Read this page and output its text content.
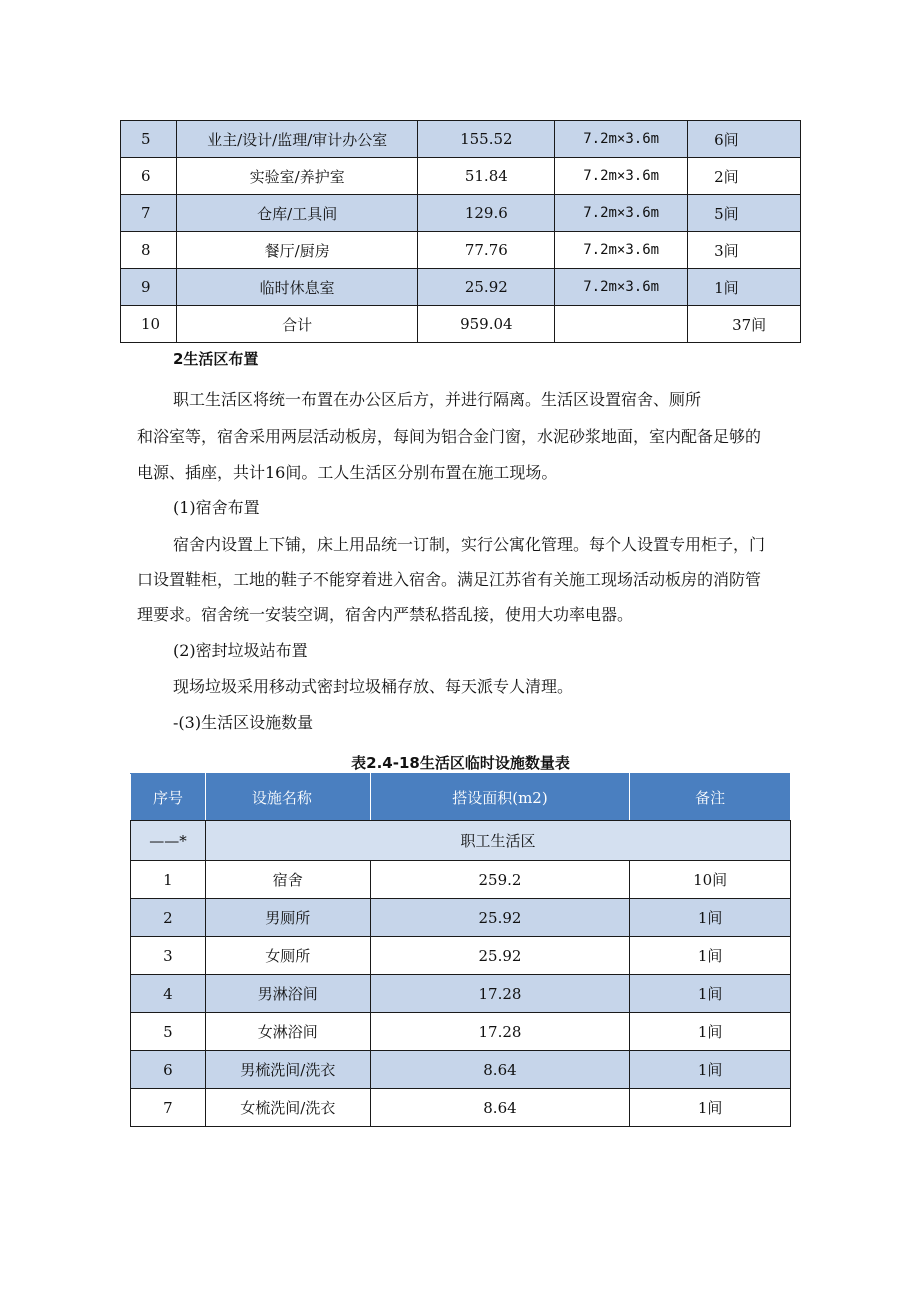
5	业主/设计/监理/审计办公室	155.52	7.2m×3.6m	6间
6	实验室/养护室	51.84	7.2m×3.6m	2间
7	仓库/工具间	129.6	7.2m×3.6m	5间
8	餐厅/厨房	77.76	7.2m×3.6m	3间
9	临时休息室	25.92	7.2m×3.6m	1间
10	合计	959.04		37间
2生活区布置
职工生活区将统一布置在办公区后方，并进行隔离。生活区设置宿舍、厕所
和浴室等，宿舍采用两层活动板房，每间为铝合金门窗，水泥砂浆地面，室内配备足够的
电源、插座，共计16间。工人生活区分别布置在施工现场。
(1)宿舍布置
宿舍内设置上下铺，床上用品统一订制，实行公寓化管理。每个人设置专用柜子，门
口设置鞋柜，工地的鞋子不能穿着进入宿舍。满足江苏省有关施工现场活动板房的消防管
理要求。宿舍统一安装空调，宿舍内严禁私搭乱接，使用大功率电器。
(2)密封垃圾站布置
现场垃圾采用移动式密封垃圾桶存放、每天派专人清理。
-(3)生活区设施数量
表2.4-18生活区临时设施数量表
序号	设施名称	搭设面积(m2)	备注
——*	职工生活区		
1	宿舍	259.2	10间
2	男厕所	25.92	1间
3	女厕所	25.92	1间
4	男淋浴间	17.28	1间
5	女淋浴间	17.28	1间
6	男梳洗间/洗衣	8.64	1间
7	女梳洗间/洗衣	8.64	1间
